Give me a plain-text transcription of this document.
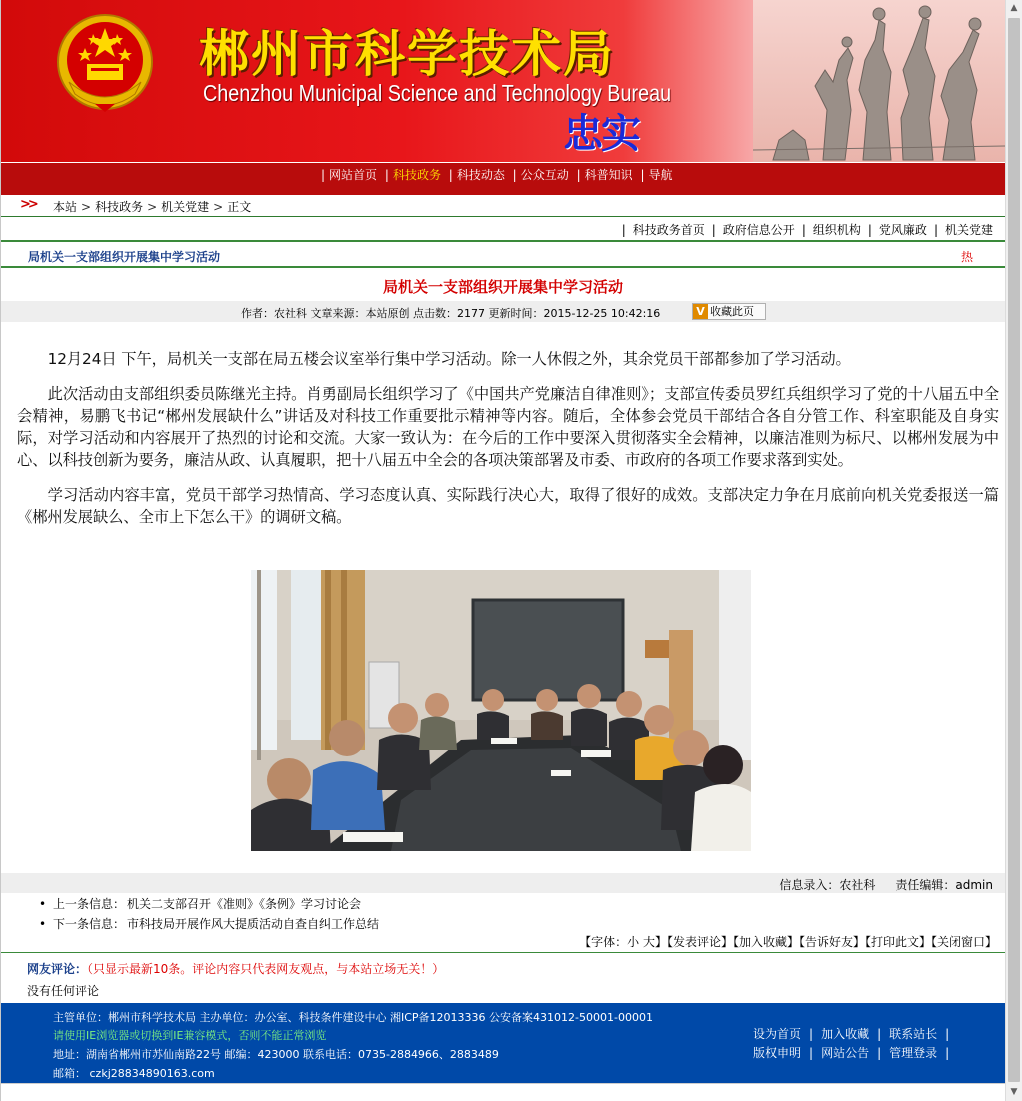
郴州市科学技术局
Chenzhou Municipal Science and Technology Bureau
忠实
| 网站首页 | 科技政务 | 科技动态 | 公众互动 | 科普知识 | 导航
>> 本站 > 科技政务 > 机关党建 > 正文
| 科技政务首页 | 政府信息公开 | 组织机构 | 党风廉政 | 机关党建
局机关一支部组织开展集中学习活动	热
局机关一支部组织开展集中学习活动
作者：农社科 文章来源：本站原创 点击数：2177 更新时间：2015-12-25 10:42:16	V 收藏此页

12月24日 下午，局机关一支部在局五楼会议室举行集中学习活动。除一人休假之外，其余党员干部都参加了学习活动。

此次活动由支部组织委员陈继光主持。肖勇副局长组织学习了《中国共产党廉洁自律准则》；支部宣传委员罗红兵组织学习了党的十八届五中全会精神，易鹏飞书记“郴州发展缺什么”讲话及对科技工作重要批示精神等内容。随后，全体参会党员干部结合各自分管工作、科室职能及自身实际，对学习活动和内容展开了热烈的讨论和交流。大家一致认为：在今后的工作中要深入贯彻落实全会精神，以廉洁准则为标尺、以郴州发展为中心、以科技创新为要务，廉洁从政、认真履职，把十八届五中全会的各项决策部署及市委、市政府的各项工作要求落到实处。

学习活动内容丰富，党员干部学习热情高、学习态度认真、实际践行决心大，取得了很好的成效。支部决定力争在月底前向机关党委报送一篇《郴州发展缺么、全市上下怎么干》的调研文稿。

信息录入：农社科 责任编辑：admin
• 上一条信息： 机关二支部召开《准则》《条例》学习讨论会
• 下一条信息： 市科技局开展作风大提质活动自查自纠工作总结
【字体：小 大】【发表评论】【加入收藏】【告诉好友】【打印此文】【关闭窗口】
网友评论：（只显示最新10条。评论内容只代表网友观点，与本站立场无关！）
没有任何评论
主管单位：郴州市科学技术局 主办单位：办公室、科技条件建设中心 湘ICP备12013336 公安备案431012-50001-00001
请使用IE浏览器或切换到IE兼容模式，否则不能正常浏览
地址：湖南省郴州市苏仙南路22号 邮编：423000 联系电话：0735-2884966、2883489
邮箱： czkj28834890163.com
设为首页 | 加入收藏 | 联系站长 |
版权申明 | 网站公告 | 管理登录 |
▲
▼
